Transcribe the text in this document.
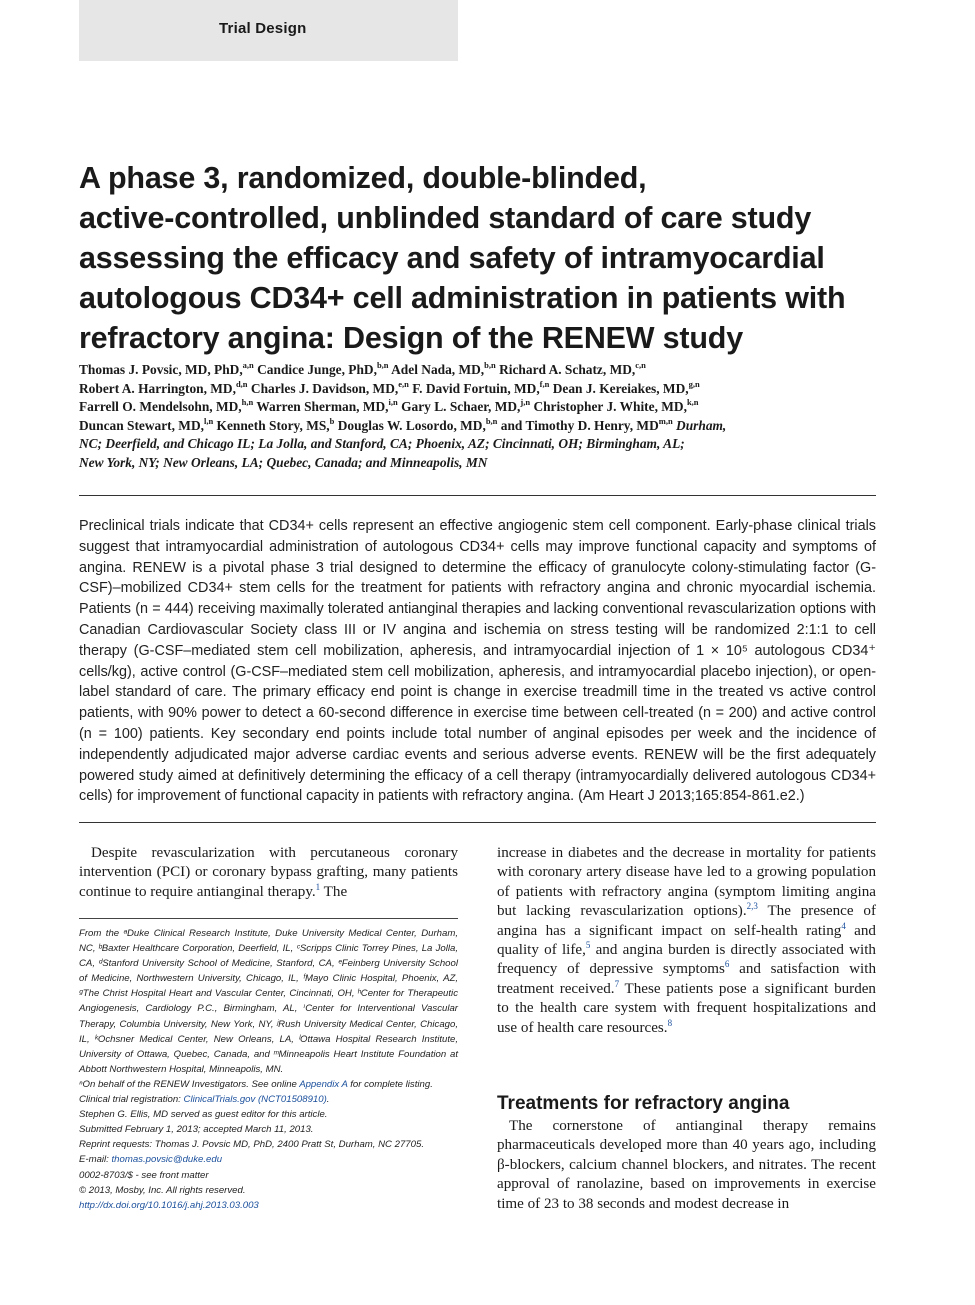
Trial Design
A phase 3, randomized, double-blinded,
active-controlled, unblinded standard of care study
assessing the efficacy and safety of intramyocardial
autologous CD34+ cell administration in patients with
refractory angina: Design of the RENEW study
Thomas J. Povsic, MD, PhD,$^{a,n}$ Candice Junge, PhD,$^{b,n}$ Adel Nada, MD,$^{b,n}$ Richard A. Schatz, MD,$^{c,n}$
Robert A. Harrington, MD,$^{d,n}$ Charles J. Davidson, MD,$^{e,n}$ F. David Fortuin, MD,$^{f,n}$ Dean J. Kereiakes, MD,$^{g,n}$
Farrell O. Mendelsohn, MD,$^{h,n}$ Warren Sherman, MD,$^{i,n}$ Gary L. Schaer, MD,$^{j,n}$ Christopher J. White, MD,$^{k,n}$
Duncan Stewart, MD,$^{l,n}$ Kenneth Story, MS,$^b$ Douglas W. Losordo, MD,$^{b,n}$ and Timothy D. Henry, MD$^{m,n}$ Durham,
NC; Deerfield, and Chicago IL; La Jolla, and Stanford, CA; Phoenix, AZ; Cincinnati, OH; Birmingham, AL;
New York, NY; New Orleans, LA; Quebec, Canada; and Minneapolis, MN

Preclinical trials indicate that CD34+ cells represent an effective angiogenic stem cell component. Early-phase clinical trials suggest that intramyocardial administration of autologous CD34+ cells may improve functional capacity and symptoms of angina. RENEW is a pivotal phase 3 trial designed to determine the efficacy of granulocyte colony-stimulating factor (G-CSF)–mobilized CD34+ stem cells for the treatment for patients with refractory angina and chronic myocardial ischemia. Patients (n = 444) receiving maximally tolerated antianginal therapies and lacking conventional revascularization options with Canadian Cardiovascular Society class III or IV angina and ischemia on stress testing will be randomized 2:1:1 to cell therapy (G-CSF–mediated stem cell mobilization, apheresis, and intramyocardial injection of 1 × 10⁵ autologous CD34⁺ cells/kg), active control (G-CSF–mediated stem cell mobilization, apheresis, and intramyocardial placebo injection), or open-label standard of care. The primary efficacy end point is change in exercise treadmill time in the treated vs active control patients, with 90% power to detect a 60-second difference in exercise time between cell-treated (n = 200) and active control (n = 100) patients. Key secondary end points include total number of anginal episodes per week and the incidence of independently adjudicated major adverse cardiac events and serious adverse events. RENEW will be the first adequately powered study aimed at definitively determining the efficacy of a cell therapy (intramyocardially delivered autologous CD34+ cells) for improvement of functional capacity in patients with refractory angina. (Am Heart J 2013;165:854-861.e2.)

Despite revascularization with percutaneous coronary intervention (PCI) or coronary bypass grafting, many patients continue to require antianginal therapy.$^1$ The

From the ᵃDuke Clinical Research Institute, Duke University Medical Center, Durham, NC, ᵇBaxter Healthcare Corporation, Deerfield, IL, ᶜScripps Clinic Torrey Pines, La Jolla, CA, ᵈStanford University School of Medicine, Stanford, CA, ᵉFeinberg University School of Medicine, Northwestern University, Chicago, IL, ᶠMayo Clinic Hospital, Phoenix, AZ, ᵍThe Christ Hospital Heart and Vascular Center, Cincinnati, OH, ʰCenter for Therapeutic Angiogenesis, Cardiology P.C., Birmingham, AL, ⁱCenter for Interventional Vascular Therapy, Columbia University, New York, NY, ʲRush University Medical Center, Chicago, IL, ᵏOchsner Medical Center, New Orleans, LA, ˡOttawa Hospital Research Institute, University of Ottawa, Quebec, Canada, and ᵐMinneapolis Heart Institute Foundation at Abbott Northwestern Hospital, Minneapolis, MN.
ⁿOn behalf of the RENEW Investigators. See online Appendix A for complete listing.
Clinical trial registration: ClinicalTrials.gov (NCT01508910).
Stephen G. Ellis, MD served as guest editor for this article.
Submitted February 1, 2013; accepted March 11, 2013.
Reprint requests: Thomas J. Povsic MD, PhD, 2400 Pratt St, Durham, NC 27705.
E-mail: thomas.povsic@duke.edu
0002-8703/$ - see front matter
© 2013, Mosby, Inc. All rights reserved.
http://dx.doi.org/10.1016/j.ahj.2013.03.003

increase in diabetes and the decrease in mortality for patients with coronary artery disease have led to a growing population of patients with refractory angina (symptom limiting angina but lacking revascularization options).$^{2,3}$ The presence of angina has a significant impact on self-health rating$^4$ and quality of life,$^5$ and angina burden is directly associated with frequency of depressive symptoms$^6$ and satisfaction with treatment received.$^7$ These patients pose a significant burden to the health care system with frequent hospitalizations and use of health care resources.$^8$

Treatments for refractory angina

The cornerstone of antianginal therapy remains pharmaceuticals developed more than 40 years ago, including β-blockers, calcium channel blockers, and nitrates. The recent approval of ranolazine, based on improvements in exercise time of 23 to 38 seconds and modest decrease in
